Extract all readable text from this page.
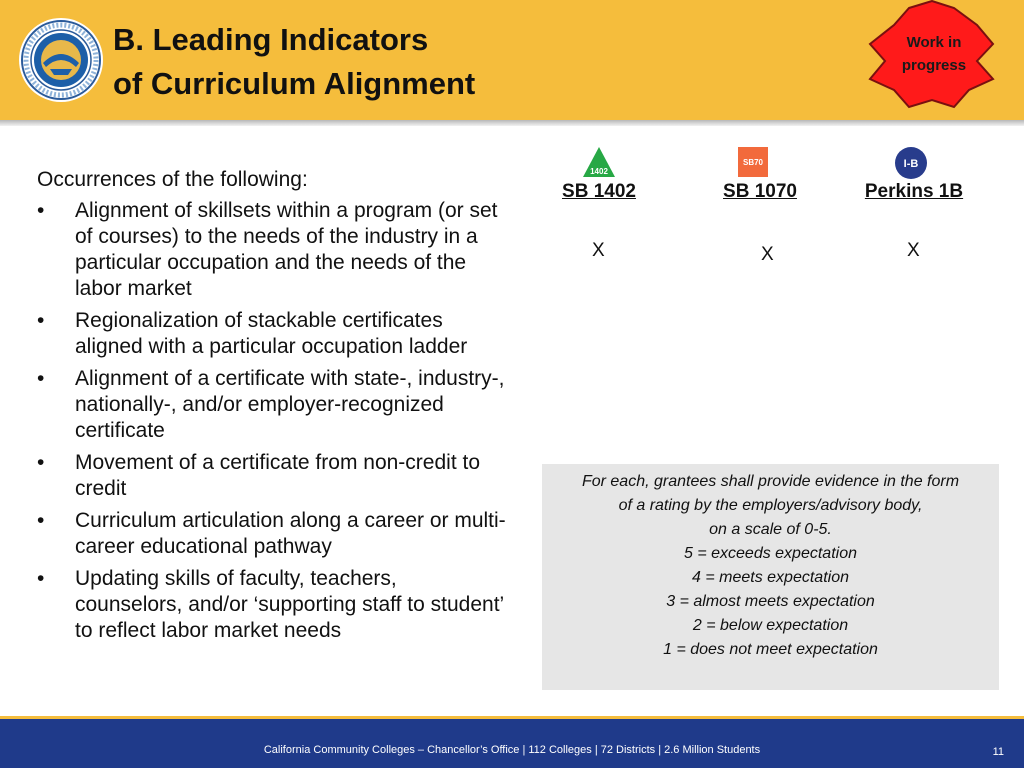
B. Leading Indicators
of Curriculum Alignment
Work in
progress
Occurrences of the following:
• Alignment of skillsets within a program (or set of courses) to the needs of the industry in a particular occupation and the needs of the labor market
• Regionalization of stackable certificates aligned with a particular occupation ladder
• Alignment of a certificate with state-, industry-, nationally-, and/or employer-recognized certificate
• Movement of a certificate from non-credit to credit
• Curriculum articulation along a career or multi-career educational pathway
• Updating skills of faculty, teachers, counselors, and/or ‘supporting staff to student’ to reflect labor market needs
1402
SB70	I-B
SB 1402	SB 1070	Perkins 1B
X	X	X
For each, grantees shall provide evidence in the form
of a rating by the employers/advisory body,
on a scale of 0-5.
5 = exceeds expectation
4 = meets expectation
3 = almost meets expectation
2 = below expectation
1 = does not meet expectation
California Community Colleges – Chancellor’s Office | 112 Colleges | 72 Districts | 2.6 Million Students	11
